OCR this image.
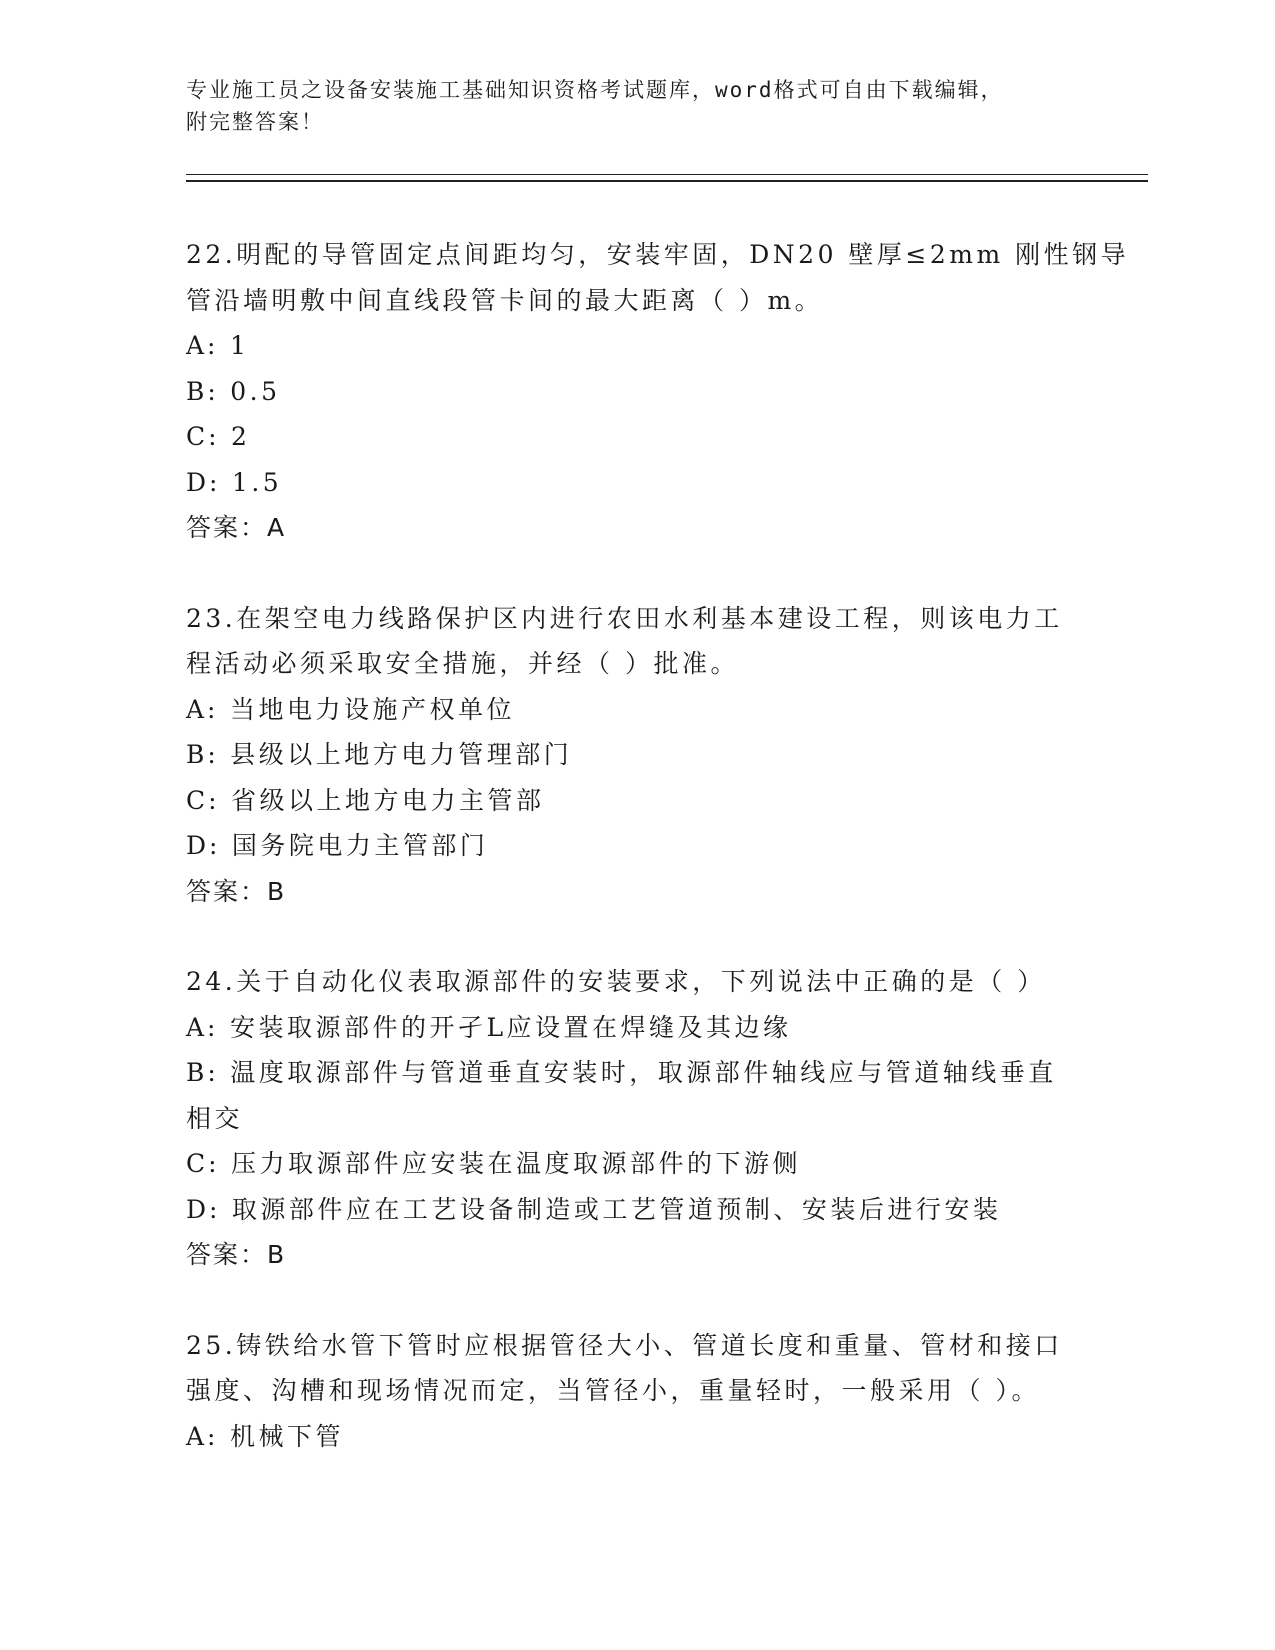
专业施工员之设备安装施工基础知识资格考试题库，word格式可自由下载编辑，
附完整答案！
22.明配的导管固定点间距均匀，安装牢固，DN20 壁厚≤2mm 刚性钢导
管沿墙明敷中间直线段管卡间的最大距离（ ）m。
A: 1
B: 0.5
C: 2
D: 1.5
答案：A
23.在架空电力线路保护区内进行农田水利基本建设工程，则该电力工
程活动必须采取安全措施，并经（ ）批准。
A: 当地电力设施产权单位
B: 县级以上地方电力管理部门
C: 省级以上地方电力主管部
D: 国务院电力主管部门
答案：B
24.关于自动化仪表取源部件的安装要求，下列说法中正确的是（ ）
A: 安装取源部件的开孑L应设置在焊缝及其边缘
B: 温度取源部件与管道垂直安装时，取源部件轴线应与管道轴线垂直
相交
C: 压力取源部件应安装在温度取源部件的下游侧
D: 取源部件应在工艺设备制造或工艺管道预制、安装后进行安装
答案：B
25.铸铁给水管下管时应根据管径大小、管道长度和重量、管材和接口
强度、沟槽和现场情况而定，当管径小，重量轻时，一般采用（ ）。
A: 机械下管
